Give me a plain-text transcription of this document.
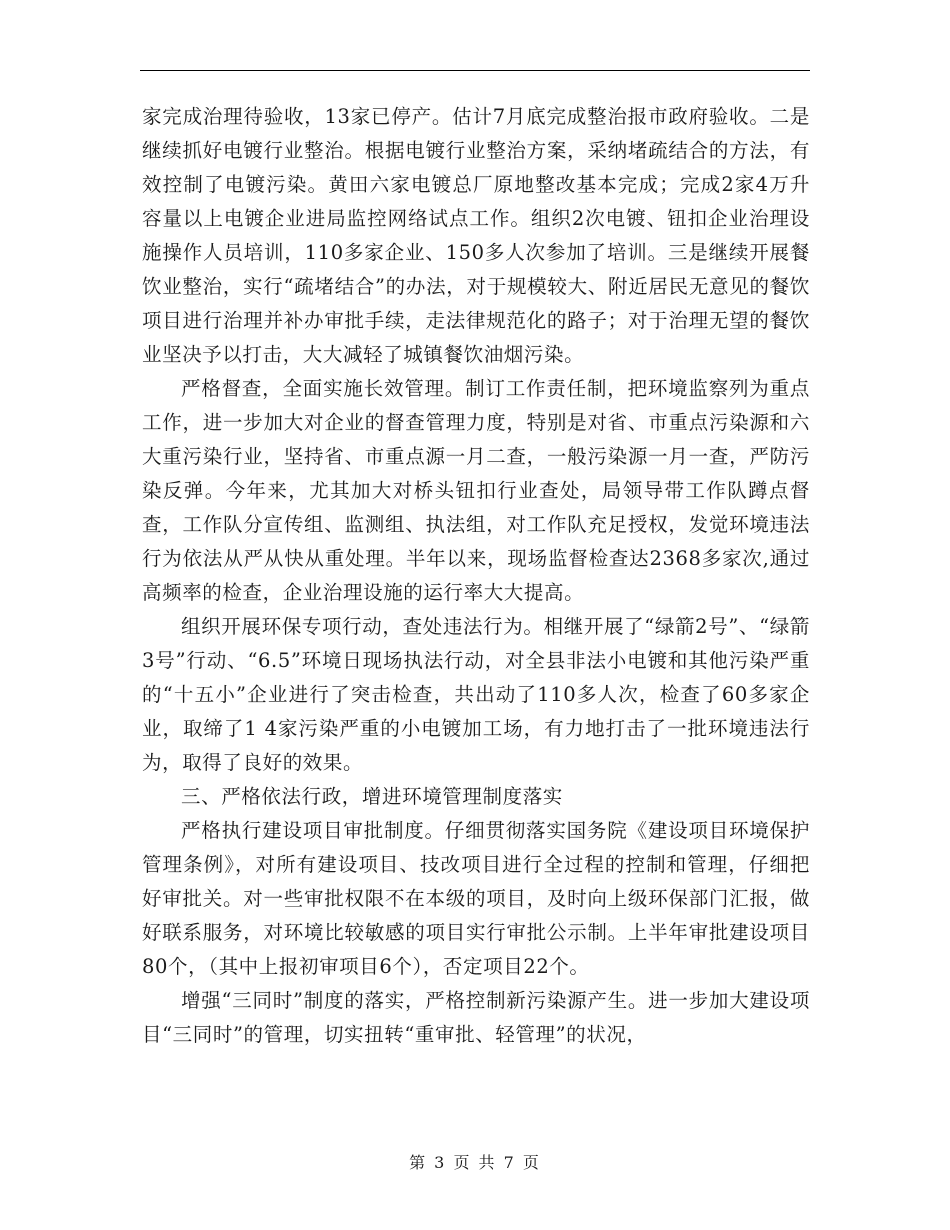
家完成治理待验收，13家已停产。估计7月底完成整治报市政府验收。二是继续抓好电镀行业整治。根据电镀行业整治方案，采纳堵疏结合的方法，有效控制了电镀污染。黄田六家电镀总厂原地整改基本完成；完成2家4万升容量以上电镀企业进局监控网络试点工作。组织2次电镀、钮扣企业治理设施操作人员培训，110多家企业、150多人次参加了培训。三是继续开展餐饮业整治，实行“疏堵结合”的办法，对于规模较大、附近居民无意见的餐饮项目进行治理并补办审批手续，走法律规范化的路子；对于治理无望的餐饮业坚决予以打击，大大减轻了城镇餐饮油烟污染。

严格督查，全面实施长效管理。制订工作责任制，把环境监察列为重点工作，进一步加大对企业的督查管理力度，特别是对省、市重点污染源和六大重污染行业，坚持省、市重点源一月二查，一般污染源一月一查，严防污染反弹。今年来，尤其加大对桥头钮扣行业查处，局领导带工作队蹲点督查，工作队分宣传组、监测组、执法组，对工作队充足授权，发觉环境违法行为依法从严从快从重处理。半年以来，现场监督检查达2368多家次,通过高频率的检查，企业治理设施的运行率大大提高。

组织开展环保专项行动，查处违法行为。相继开展了“绿箭2号”、“绿箭3号”行动、“6.5”环境日现场执法行动，对全县非法小电镀和其他污染严重的“十五小”企业进行了突击检查，共出动了110多人次，检查了60多家企业，取缔了1 4家污染严重的小电镀加工场，有力地打击了一批环境违法行为，取得了良好的效果。

三、严格依法行政，增进环境管理制度落实

严格执行建设项目审批制度。仔细贯彻落实国务院《建设项目环境保护管理条例》，对所有建设项目、技改项目进行全过程的控制和管理，仔细把好审批关。对一些审批权限不在本级的项目，及时向上级环保部门汇报，做好联系服务，对环境比较敏感的项目实行审批公示制。上半年审批建设项目80个，（其中上报初审项目6个），否定项目22个。

增强“三同时”制度的落实，严格控制新污染源产生。进一步加大建设项目“三同时”的管理，切实扭转“重审批、轻管理”的状况，

第 3 页 共 7 页
